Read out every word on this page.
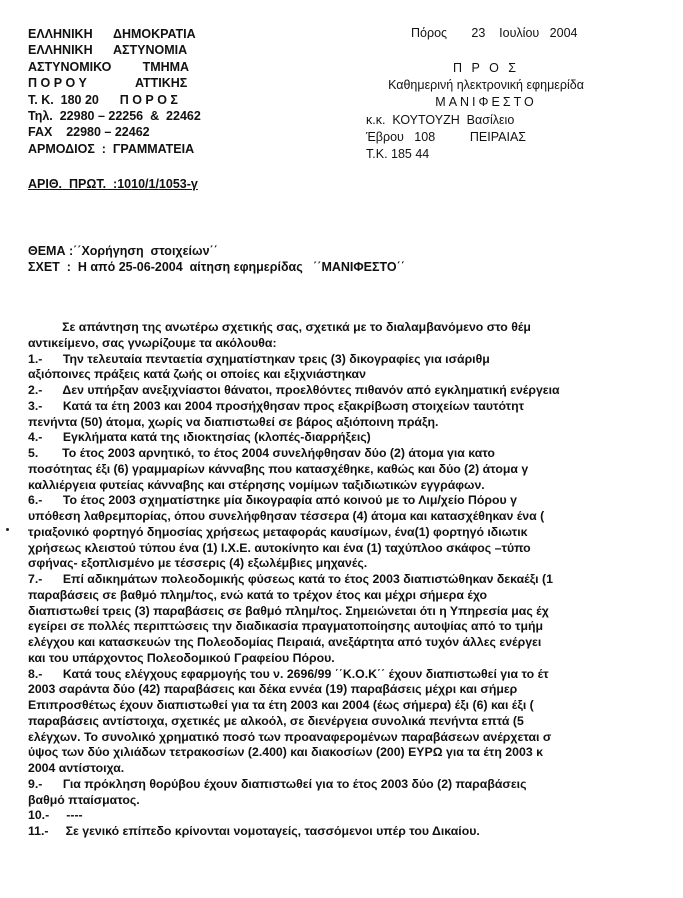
ΕΛΛΗΝΙΚΗ      ΔΗΜΟΚΡΑΤΙΑ
ΕΛΛΗΝΙΚΗ      ΑΣΤΥΝΟΜΙΑ
ΑΣΤΥΝΟΜΙΚΟ         ΤΜΗΜΑ
Π Ο Ρ Ο Υ              ΑΤΤΙΚΗΣ
Τ. Κ.  180 20      Π Ο Ρ Ο Σ
Τηλ.  22980 – 22256  &  22462
FAX    22980 – 22462
ΑΡΜΟΔΙΟΣ  :  ΓΡΑΜΜΑΤΕΙΑ
ΑΡΙΘ.  ΠΡΩΤ.  :1010/1/1053-γ
Πόρος       23    Ιουλίου   2004
Π Ρ Ο Σ
Καθημερινή ηλεκτρονική εφημερίδα
ΜΑΝΙΦΕΣΤΟ
κ.κ.  ΚΟΥΤΟΥΖΗ  Βασίλειο
Έβρου   108          ΠΕΙΡΑΙΑΣ
Τ.Κ. 185 44
ΘΕΜΑ :΄΄Χορήγηση  στοιχείων΄΄
ΣΧΕΤ  :  Η από 25-06-2004  αίτηση εφημερίδας   ΄΄ΜΑΝΙΦΕΣΤΟ΄΄
Σε απάντηση της ανωτέρω σχετικής σας, σχετικά με το διαλαμβανόμενο στο θέμ
αντικείμενο, σας γνωρίζουμε τα ακόλουθα:
1.-      Την τελευταία πενταετία σχηματίστηκαν τρεις (3) δικογραφίες για ισάριθμ
αξιόποινες πράξεις κατά ζωής οι οποίες και εξιχνιάστηκαν
2.-      Δεν υπήρξαν ανεξιχνίαστοι θάνατοι, προελθόντες πιθανόν από εγκληματική ενέργεια
3.-      Κατά τα έτη 2003 και 2004 προσήχθησαν προς εξακρίβωση στοιχείων ταυτότητ
πενήντα (50) άτομα, χωρίς να διαπιστωθεί σε βάρος αξιόποινη πράξη.
4.-      Εγκλήματα κατά της ιδιοκτησίας (κλοπές-διαρρήξεις)
5.       Το έτος 2003 αρνητικό, το έτος 2004 συνελήφθησαν δύο (2) άτομα για κατο
ποσότητας έξι (6) γραμμαρίων κάνναβης που κατασχέθηκε, καθώς και δύο (2) άτομα γ
καλλιέργεια φυτείας κάνναβης και στέρησης νομίμων ταξιδιωτικών εγγράφων.
6.-      Το έτος 2003 σχηματίστηκε μία δικογραφία από κοινού με το Λιμ/χείο Πόρου γ
υπόθεση λαθρεμπορίας, όπου συνελήφθησαν τέσσερα (4) άτομα και κατασχέθηκαν ένα (
τριαξονικό φορτηγό δημοσίας χρήσεως μεταφοράς καυσίμων, ένα(1) φορτηγό ιδιωτικ
χρήσεως κλειστού τύπου ένα (1) Ι.Χ.Ε. αυτοκίνητο και ένα (1) ταχύπλοο σκάφος –τύπο
σφήνας- εξοπλισμένο με τέσσερις (4) εξωλέμβιες μηχανές.
7.-      Επί αδικημάτων πολεοδομικής φύσεως κατά το έτος 2003 διαπιστώθηκαν δεκαέξι (1
παραβάσεις σε βαθμό πλημ/τος, ενώ κατά το τρέχον έτος και μέχρι σήμερα έχο
διαπιστωθεί τρεις (3) παραβάσεις σε βαθμό πλημ/τος. Σημειώνεται ότι η Υπηρεσία μας έχ
εγείρει σε πολλές περιπτώσεις την διαδικασία πραγματοποίησης αυτοψίας από το τμήμ
ελέγχου και κατασκευών της Πολεοδομίας Πειραιά, ανεξάρτητα από τυχόν άλλες ενέργει
και του υπάρχοντος Πολεοδομικού Γραφείου Πόρου.
8.-      Κατά τους ελέγχους εφαρμογής του ν. 2696/99 ΄΄Κ.Ο.Κ΄΄ έχουν διαπιστωθεί για το έτ
2003 σαράντα δύο (42) παραβάσεις και δέκα εννέα (19) παραβάσεις μέχρι και σήμερ
Επιπροσθέτως έχουν διαπιστωθεί για τα έτη 2003 και 2004 (έως σήμερα) έξι (6) και έξι (
παραβάσεις αντίστοιχα, σχετικές με αλκοόλ, σε διενέργεια συνολικά πενήντα επτά (5
ελέγχων. Το συνολικό χρηματικό ποσό των προαναφερομένων παραβάσεων ανέρχεται σ
ύψος των δύο χιλιάδων τετρακοσίων (2.400) και διακοσίων (200) ΕΥΡΩ για τα έτη 2003 κ
2004 αντίστοιχα.
9.-      Για πρόκληση θορύβου έχουν διαπιστωθεί για το έτος 2003 δύο (2) παραβάσεις
βαθμό πταίσματος.
10.-     ----
11.-     Σε γενικό επίπεδο κρίνονται νομοταγείς, τασσόμενοι υπέρ του Δικαίου.
